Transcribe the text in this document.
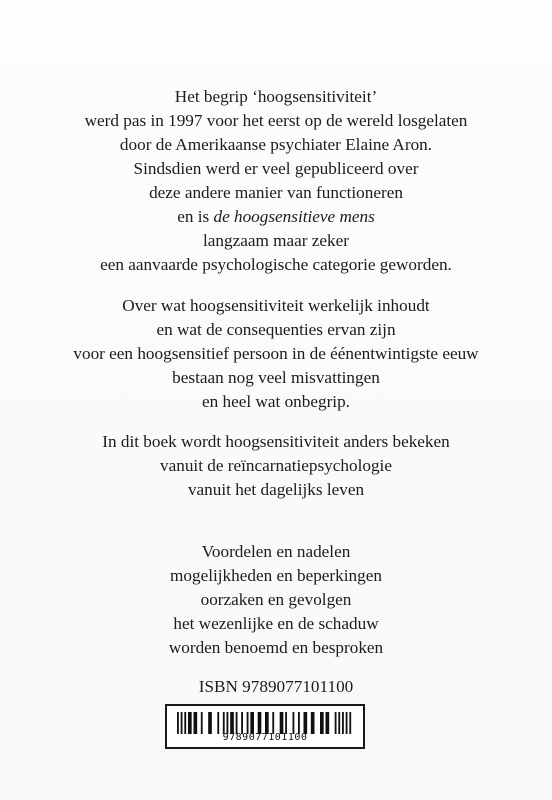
Het begrip ‘hoogsensitiviteit’
werd pas in 1997 voor het eerst op de wereld losgelaten
door de Amerikaanse psychiater Elaine Aron.
Sindsdien werd er veel gepubliceerd over
deze andere manier van functioneren
en is de hoogsensitieve mens
langzaam maar zeker
een aanvaarde psychologische categorie geworden.
Over wat hoogsensitiviteit werkelijk inhoudt
en wat de consequenties ervan zijn
voor een hoogsensitief persoon in de éénentwintigste eeuw
bestaan nog veel misvattingen
en heel wat onbegrip.
In dit boek wordt hoogsensitiviteit anders bekeken
vanuit de reïncarnatiepsychologie
vanuit het dagelijks leven
Voordelen en nadelen
mogelijkheden en beperkingen
oorzaken en gevolgen
het wezenlijke en de schaduw
worden benoemd en besproken
ISBN 9789077101100
9789077101100
